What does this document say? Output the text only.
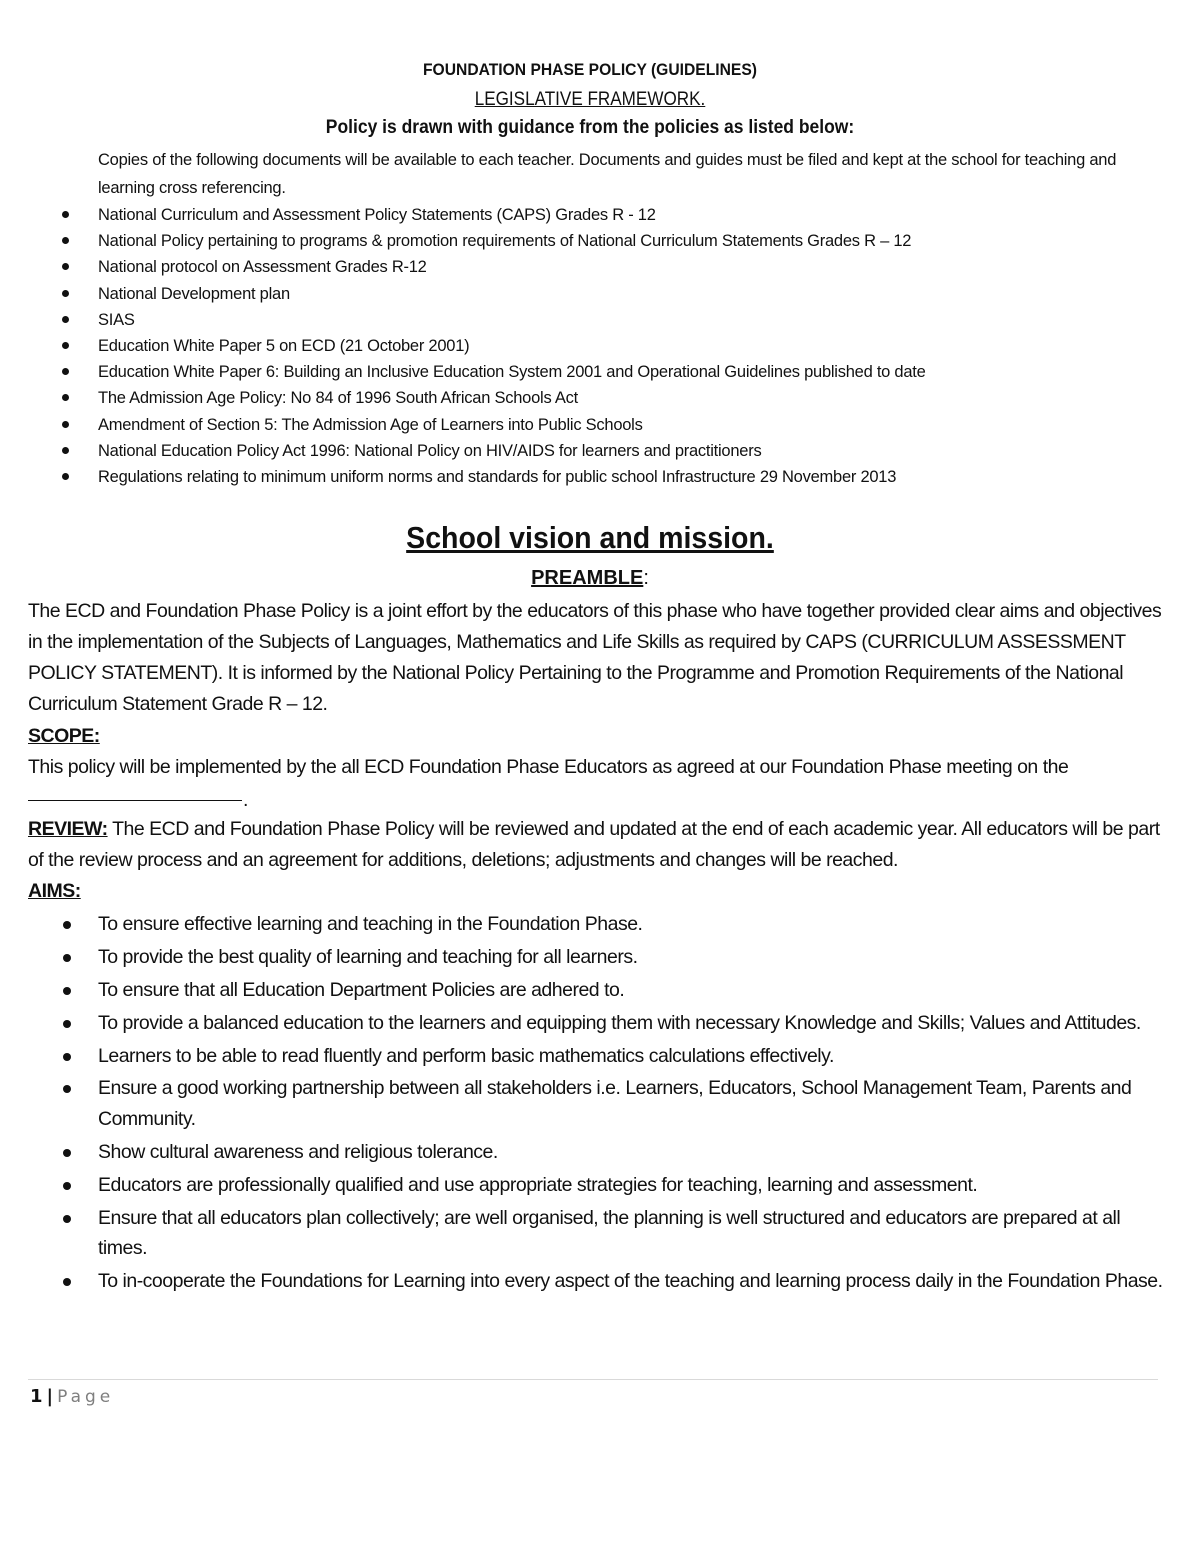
FOUNDATION PHASE POLICY (GUIDELINES)
LEGISLATIVE FRAMEWORK.
Policy is drawn with guidance from the policies as listed below:
Copies of the following documents will be available to each teacher. Documents and guides must be filed and kept at the school for teaching and learning cross referencing.
National Curriculum and Assessment Policy Statements (CAPS) Grades R - 12
National Policy pertaining to programs & promotion requirements of National Curriculum Statements Grades R – 12
National protocol on Assessment Grades R-12
National Development plan
SIAS
Education White Paper 5 on ECD (21 October 2001)
Education White Paper 6: Building an Inclusive Education System 2001 and Operational Guidelines published to date
The Admission Age Policy: No 84 of 1996 South African Schools Act
Amendment of Section 5: The Admission Age of Learners into Public Schools
National Education Policy Act 1996: National Policy on HIV/AIDS for learners and practitioners
Regulations relating to minimum uniform norms and standards for public school Infrastructure 29 November 2013
School vision and mission.
PREAMBLE:
The ECD and Foundation Phase Policy is a joint effort by the educators of this phase who have together provided clear aims and objectives in the implementation of the Subjects of Languages, Mathematics and Life Skills as required by CAPS (CURRICULUM ASSESSMENT POLICY STATEMENT). It is informed by the National Policy Pertaining to the Programme and Promotion Requirements of the National Curriculum Statement Grade R – 12.
SCOPE:
This policy will be implemented by the all ECD Foundation Phase Educators as agreed at our Foundation Phase meeting on the
.
REVIEW: The ECD and Foundation Phase Policy will be reviewed and updated at the end of each academic year. All educators will be part of the review process and an agreement for additions, deletions; adjustments and changes will be reached.
AIMS:
To ensure effective learning and teaching in the Foundation Phase.
To provide the best quality of learning and teaching for all learners.
To ensure that all Education Department Policies are adhered to.
To provide a balanced education to the learners and equipping them with necessary Knowledge and Skills; Values and Attitudes.
Learners to be able to read fluently and perform basic mathematics calculations effectively.
Ensure a good working partnership between all stakeholders i.e. Learners, Educators, School Management Team, Parents and Community.
Show cultural awareness and religious tolerance.
Educators are professionally qualified and use appropriate strategies for teaching, learning and assessment.
Ensure that all educators plan collectively; are well organised, the planning is well structured and educators are prepared at all times.
To in-cooperate the Foundations for Learning into every aspect of the teaching and learning process daily in the Foundation Phase.
1 | Page
